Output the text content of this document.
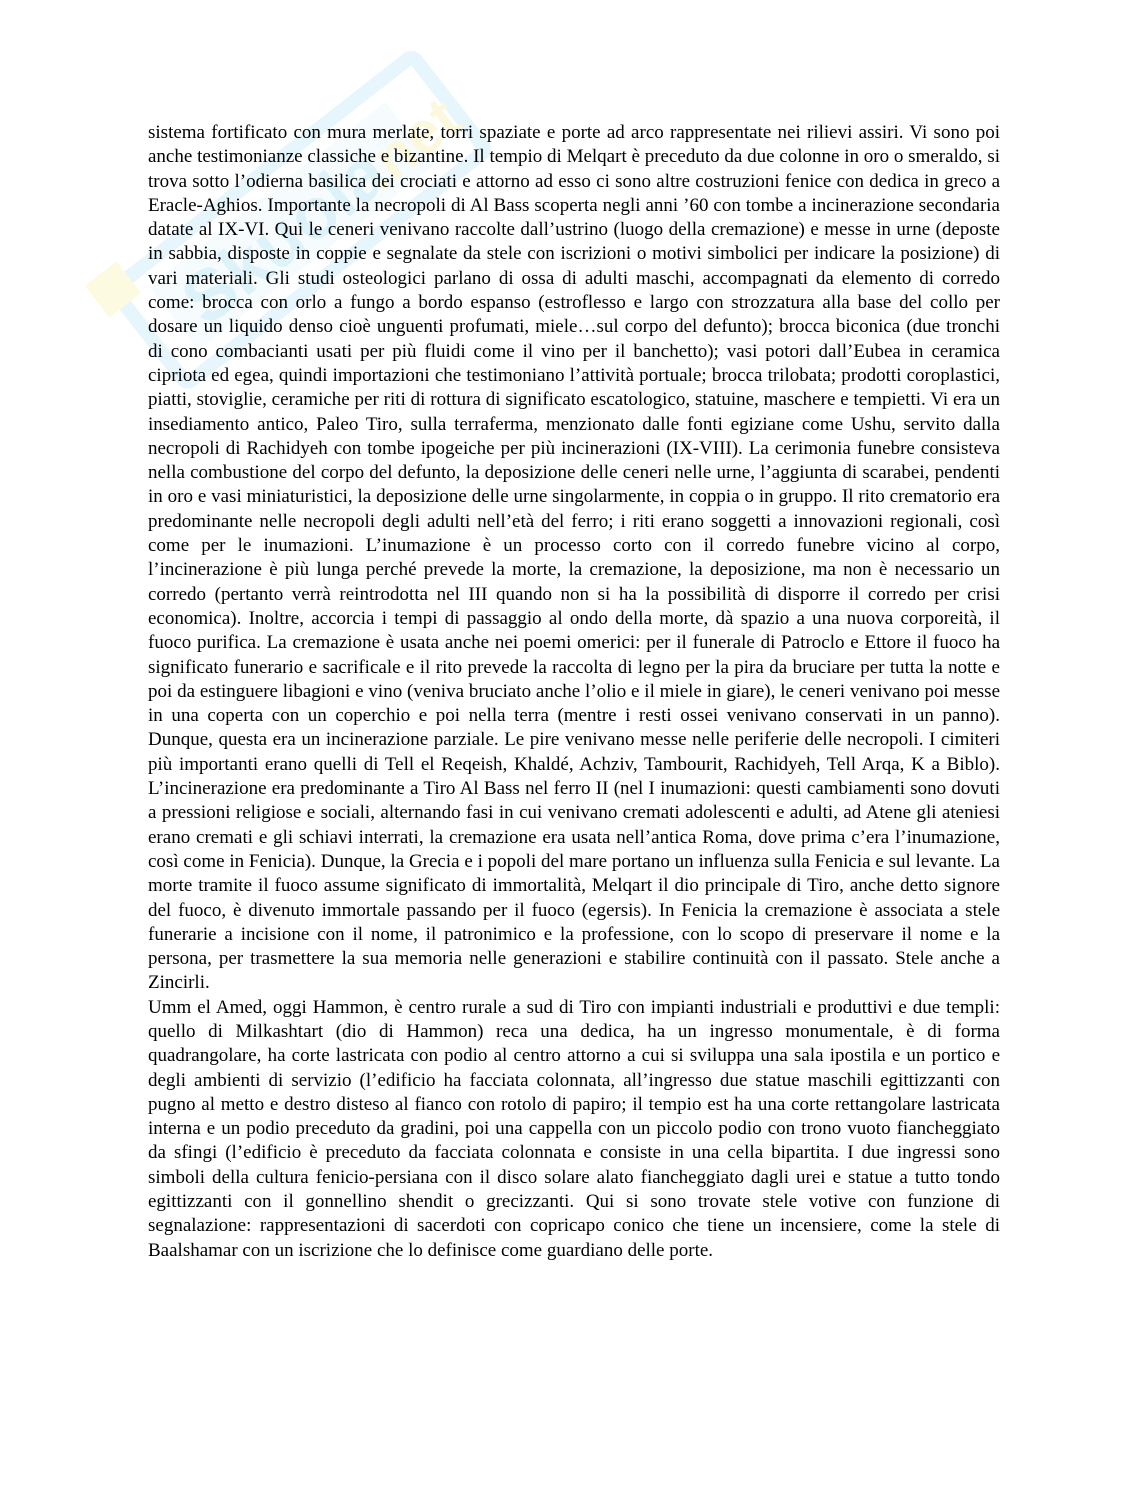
Skuola
.net

sistema fortificato con mura merlate, torri spaziate e porte ad arco rappresentate nei rilievi assiri. Vi sono poi anche testimonianze classiche e bizantine. Il tempio di Melqart è preceduto da due colonne in oro o smeraldo, si trova sotto l’odierna basilica dei crociati e attorno ad esso ci sono altre costruzioni fenice con dedica in greco a Eracle-Aghios. Importante la necropoli di Al Bass scoperta negli anni ’60 con tombe a incinerazione secondaria datate al IX-VI. Qui le ceneri venivano raccolte dall’ustrino (luogo della cremazione) e messe in urne (deposte in sabbia, disposte in coppie e segnalate da stele con iscrizioni o motivi simbolici per indicare la posizione) di vari materiali. Gli studi osteologici parlano di ossa di adulti maschi, accompagnati da elemento di corredo come: brocca con orlo a fungo a bordo espanso (estroflesso e largo con strozzatura alla base del collo per dosare un liquido denso cioè unguenti profumati, miele…sul corpo del defunto); brocca biconica (due tronchi di cono combacianti usati per più fluidi come il vino per il banchetto); vasi potori dall’Eubea in ceramica cipriota ed egea, quindi importazioni che testimoniano l’attività portuale; brocca trilobata; prodotti coroplastici, piatti, stoviglie, ceramiche per riti di rottura di significato escatologico, statuine, maschere e tempietti. Vi era un insediamento antico, Paleo Tiro, sulla terraferma, menzionato dalle fonti egiziane come Ushu, servito dalla necropoli di Rachidyeh con tombe ipogeiche per più incinerazioni (IX-VIII). La cerimonia funebre consisteva nella combustione del corpo del defunto, la deposizione delle ceneri nelle urne, l’aggiunta di scarabei, pendenti in oro e vasi miniaturistici, la deposizione delle urne singolarmente, in coppia o in gruppo. Il rito crematorio era predominante nelle necropoli degli adulti nell’età del ferro; i riti erano soggetti a innovazioni regionali, così come per le inumazioni. L’inumazione è un processo corto con il corredo funebre vicino al corpo, l’incinerazione è più lunga perché prevede la morte, la cremazione, la deposizione, ma non è necessario un corredo (pertanto verrà reintrodotta nel III quando non si ha la possibilità di disporre il corredo per crisi economica). Inoltre, accorcia i tempi di passaggio al ondo della morte, dà spazio a una nuova corporeità, il fuoco purifica. La cremazione è usata anche nei poemi omerici: per il funerale di Patroclo e Ettore il fuoco ha significato funerario e sacrificale e il rito prevede la raccolta di legno per la pira da bruciare per tutta la notte e poi da estinguere libagioni e vino (veniva bruciato anche l’olio e il miele in giare), le ceneri venivano poi messe in una coperta con un coperchio e poi nella terra (mentre i resti ossei venivano conservati in un panno). Dunque, questa era un incinerazione parziale. Le pire venivano messe nelle periferie delle necropoli. I cimiteri più importanti erano quelli di Tell el Reqeish, Khaldé, Achziv, Tambourit, Rachidyeh, Tell Arqa, K a Biblo). L’incinerazione era predominante a Tiro Al Bass nel ferro II (nel I inumazioni: questi cambiamenti sono dovuti a pressioni religiose e sociali, alternando fasi in cui venivano cremati adolescenti e adulti, ad Atene gli ateniesi erano cremati e gli schiavi interrati, la cremazione era usata nell’antica Roma, dove prima c’era l’inumazione, così come in Fenicia). Dunque, la Grecia e i popoli del mare portano un influenza sulla Fenicia e sul levante. La morte tramite il fuoco assume significato di immortalità, Melqart il dio principale di Tiro, anche detto signore del fuoco, è divenuto immortale passando per il fuoco (egersis). In Fenicia la cremazione è associata a stele funerarie a incisione con il nome, il patronimico e la professione, con lo scopo di preservare il nome e la persona, per trasmettere la sua memoria nelle generazioni e stabilire continuità con il passato. Stele anche a Zincirli.

Umm el Amed, oggi Hammon, è centro rurale a sud di Tiro con impianti industriali e produttivi e due templi: quello di Milkashtart (dio di Hammon) reca una dedica, ha un ingresso monumentale, è di forma quadrangolare, ha corte lastricata con podio al centro attorno a cui si sviluppa una sala ipostila e un portico e degli ambienti di servizio (l’edificio ha facciata colonnata, all’ingresso due statue maschili egittizzanti con pugno al metto e destro disteso al fianco con rotolo di papiro; il tempio est ha una corte rettangolare lastricata interna e un podio preceduto da gradini, poi una cappella con un piccolo podio con trono vuoto fiancheggiato da sfingi (l’edificio è preceduto da facciata colonnata e consiste in una cella bipartita. I due ingressi sono simboli della cultura fenicio-persiana con il disco solare alato fiancheggiato dagli urei e statue a tutto tondo egittizzanti con il gonnellino shendit o grecizzanti. Qui si sono trovate stele votive con funzione di segnalazione: rappresentazioni di sacerdoti con copricapo conico che tiene un incensiere, come la stele di Baalshamar con un iscrizione che lo definisce come guardiano delle porte.
